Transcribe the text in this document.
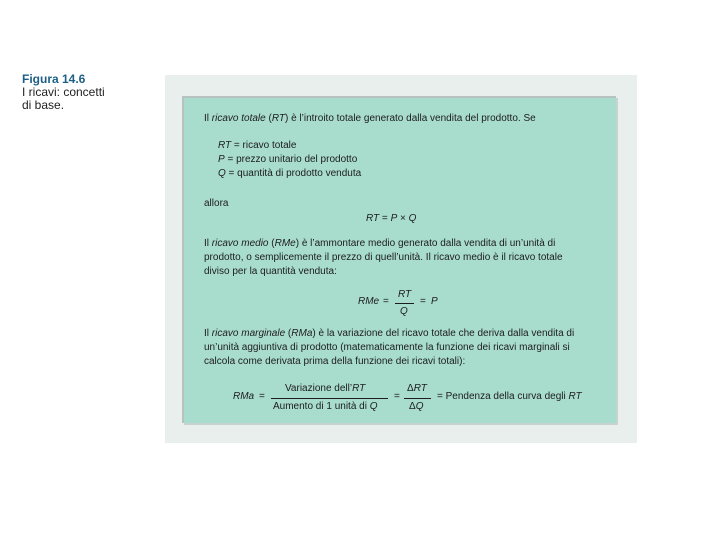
Figura 14.6
I ricavi: concetti
di base.
Il ricavo totale (RT) è l’introito totale generato dalla vendita del prodotto. Se
RT = ricavo totale
P = prezzo unitario del prodotto
Q = quantità di prodotto venduta
allora
RT = P × Q
Il ricavo medio (RMe) è l’ammontare medio generato dalla vendita di un’unità di
prodotto, o semplicemente il prezzo di quell’unità. Il ricavo medio è il ricavo totale
diviso per la quantità venduta:
RMe =
RT
Q
= P
Il ricavo marginale (RMa) è la variazione del ricavo totale che deriva dalla vendita di
un’unità aggiuntiva di prodotto (matematicamente la funzione dei ricavi marginali si
calcola come derivata prima della funzione dei ricavi totali):
RMa =
Variazione dell’RT
Aumento di 1 unità di Q
=
ΔRT
ΔQ
= Pendenza della curva degli RT
